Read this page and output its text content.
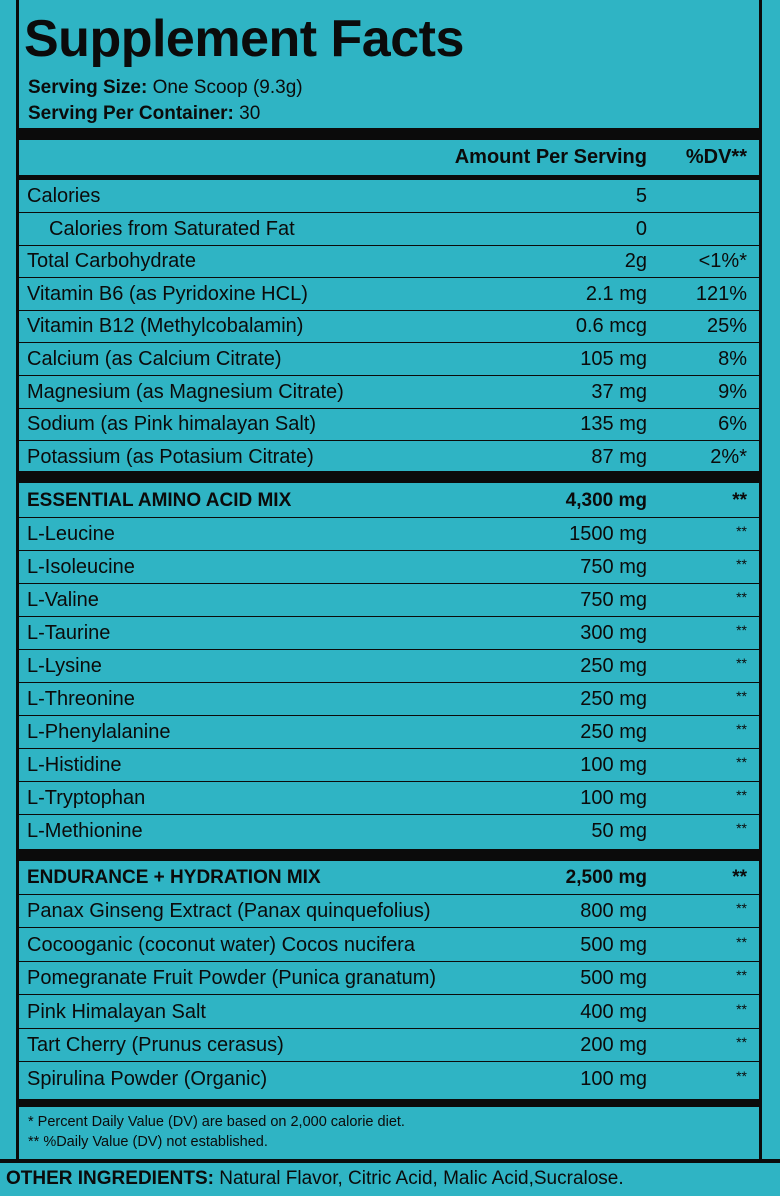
Supplement Facts
Serving Size: One Scoop (9.3g)
Serving Per Container: 30
Amount Per Serving %DV**
Calories	5
Calories from Saturated Fat	0
Total Carbohydrate	2g	<1%*
Vitamin B6 (as Pyridoxine HCL)	2.1 mg 121%
Vitamin B12 (Methylcobalamin)	0.6 mcg	25%
Calcium (as Calcium Citrate)	105 mg	8%
Magnesium (as Magnesium Citrate)	37 mg	9%
Sodium (as Pink himalayan Salt)	135 mg	6%
Potassium (as Potasium Citrate)	87 mg	2%*
ESSENTIAL AMINO ACID MIX	4,300 mg	**
L-Leucine	1500 mg	**
L-Isoleucine	750 mg	**
L-Valine	750 mg	**
L-Taurine	300 mg	**
L-Lysine	250 mg	**
L-Threonine	250 mg	**
L-Phenylalanine	250 mg	**
L-Histidine	100 mg	**
L-Tryptophan	100 mg	**
L-Methionine	50 mg	**
ENDURANCE + HYDRATION MIX	2,500 mg	**
Panax Ginseng Extract (Panax quinquefolius)	800 mg	**
Cocooganic (coconut water) Cocos nucifera	500 mg	**
Pomegranate Fruit Powder (Punica granatum)	500 mg	**
Pink Himalayan Salt	400 mg	**
Tart Cherry (Prunus cerasus)	200 mg	**
Spirulina Powder (Organic)	100 mg	**
* Percent Daily Value (DV) are based on 2,000 calorie diet.
** %Daily Value (DV) not established.
OTHER INGREDIENTS: Natural Flavor, Citric Acid, Malic Acid,Sucralose.
